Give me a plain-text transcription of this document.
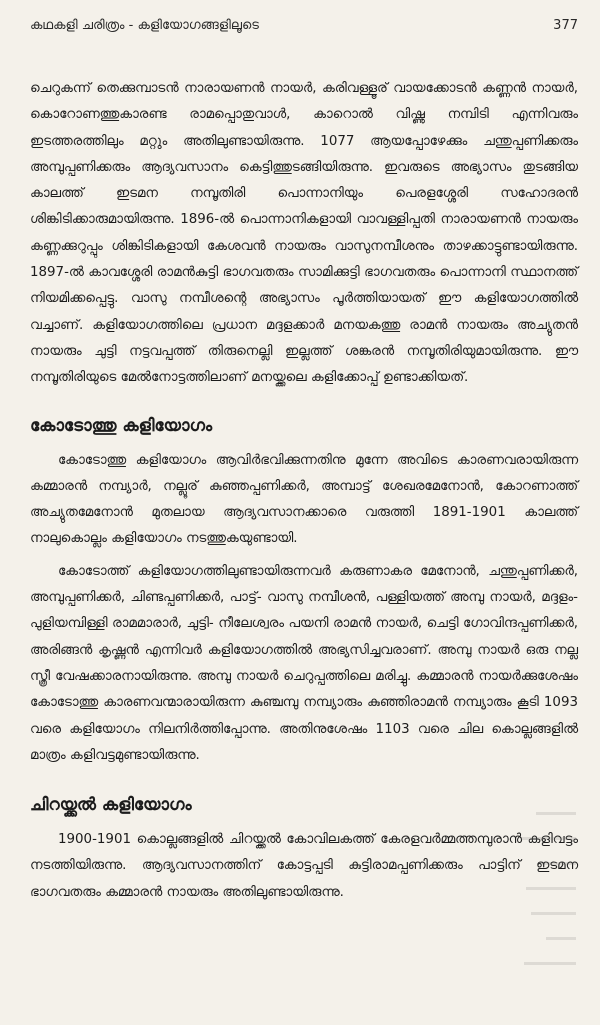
കഥകളി ചരിത്രം - കളിയോഗങ്ങളിലൂടെ	377

ചെറുകന്ന് തെക്കുമ്പാടൻ നാരായണൻ നായർ, കരിവള്ളൂര് വായക്കോടൻ കണ്ണൻ നായർ, കൊറോണത്തുകാരണ്ട രാമപ്പൊതുവാൾ, കാറൊൽ വിഷ്ണു നമ്പിടി എന്നിവരും ഇടത്തരത്തിലും മറ്റും അതിലുണ്ടായിരുന്നു. 1077 ആയപ്പോഴേക്കും ചന്തുപ്പണിക്കരും അമ്പുപ്പണിക്കരും ആദ്യവസാനം കെട്ടിത്തുടങ്ങിയിരുന്നു. ഇവരുടെ അഭ്യാസം തുടങ്ങിയ കാലത്ത് ഇടമന നമ്പൂതിരി പൊന്നാനിയും പെരളശ്ശേരി സഹോദരൻ ശിങ്കിടിക്കാരുമായിരുന്നു. 1896-ൽ പൊന്നാനികളായി വാവള്ളിപ്പതി നാരായണൻ നായരും കണ്ണക്കുറുപ്പും ശിങ്കിടികളായി കേശവൻ നായരും വാസുനമ്പീശനും താഴക്കാട്ടുണ്ടായിരുന്നു. 1897-ൽ കാവശ്ശേരി രാമൻകുട്ടി ഭാഗവതരും സാമിക്കുട്ടി ഭാഗവതരും പൊന്നാനി സ്ഥാനത്ത് നിയമിക്കപ്പെട്ടു. വാസു നമ്പീശന്റെ അഭ്യാസം പൂർത്തിയായത് ഈ കളിയോഗത്തിൽ വച്ചാണ്. കളിയോഗത്തിലെ പ്രധാന മദ്ദളക്കാർ മനയകത്തു രാമൻ നായരും അച്യുതൻ നായരും ചുട്ടി നട്ടവപ്പത്ത് തിരുനെല്ലി ഇല്ലത്ത് ശങ്കരൻ നമ്പൂതിരിയുമായിരുന്നു. ഈ നമ്പൂതിരിയുടെ മേൽനോട്ടത്തിലാണ് മനയ്ക്കലെ കളിക്കോപ്പ് ഉണ്ടാക്കിയത്.

കോടോത്തു കളിയോഗം

കോടോത്തു കളിയോഗം ആവിർഭവിക്കുന്നതിനു മുന്നേ അവിടെ കാരണവരായിരുന്ന കമ്മാരൻ നമ്പ്യാർ, നല്ലൂര് കുഞ്ഞപ്പണിക്കർ, അമ്പാട്ട് ശേഖരമേനോൻ, കോറണാത്ത് അച്യുതമേനോൻ മുതലായ ആദ്യവസാനക്കാരെ വരുത്തി 1891-1901 കാലത്ത് നാലുകൊല്ലം കളിയോഗം നടത്തുകയുണ്ടായി.

കോടോത്ത് കളിയോഗത്തിലുണ്ടായിരുന്നവർ കരുണാകര മേനോൻ, ചന്തുപ്പണിക്കർ, അമ്പുപ്പണിക്കർ, ചിണ്ടപ്പണിക്കർ, പാട്ട്- വാസു നമ്പീശൻ, പള്ളിയത്ത് അമ്പു നായർ, മദ്ദളം- പുളിയമ്പിള്ളി രാമമാരാർ, ചുട്ടി- നീലേശ്വരം പയനി രാമൻ നായർ, ചെട്ടി ഗോവിന്ദപ്പണിക്കർ, അരിങ്ങൻ കൃഷ്ണൻ എന്നിവർ കളിയോഗത്തിൽ അഭ്യസിച്ചവരാണ്. അമ്പു നായർ ഒരു നല്ല സ്ത്രീ വേഷക്കാരനായിരുന്നു. അമ്പു നായർ ചെറുപ്പത്തിലെ മരിച്ചു. കമ്മാരൻ നായർക്കുശേഷം കോടോത്തു കാരണവന്മാരായിരുന്ന കുഞ്ചമ്പു നമ്പ്യാരും കുഞ്ഞിരാമൻ നമ്പ്യാരും കൂടി 1093 വരെ കളിയോഗം നിലനിർത്തിപ്പോന്നു. അതിനുശേഷം 1103 വരെ ചില കൊല്ലങ്ങളിൽ മാത്രം കളിവട്ടമുണ്ടായിരുന്നു.

ചിറയ്ക്കൽ കളിയോഗം

1900-1901 കൊല്ലങ്ങളിൽ ചിറയ്ക്കൽ കോവിലകത്ത് കേരളവർമ്മത്തമ്പുരാൻ കളിവട്ടം നടത്തിയിരുന്നു. ആദ്യവസാനത്തിന് കോട്ടപ്പടി കുട്ടിരാമപ്പണിക്കരും പാട്ടിന് ഇടമന ഭാഗവതരും കമ്മാരൻ നായരും അതിലുണ്ടായിരുന്നു.
